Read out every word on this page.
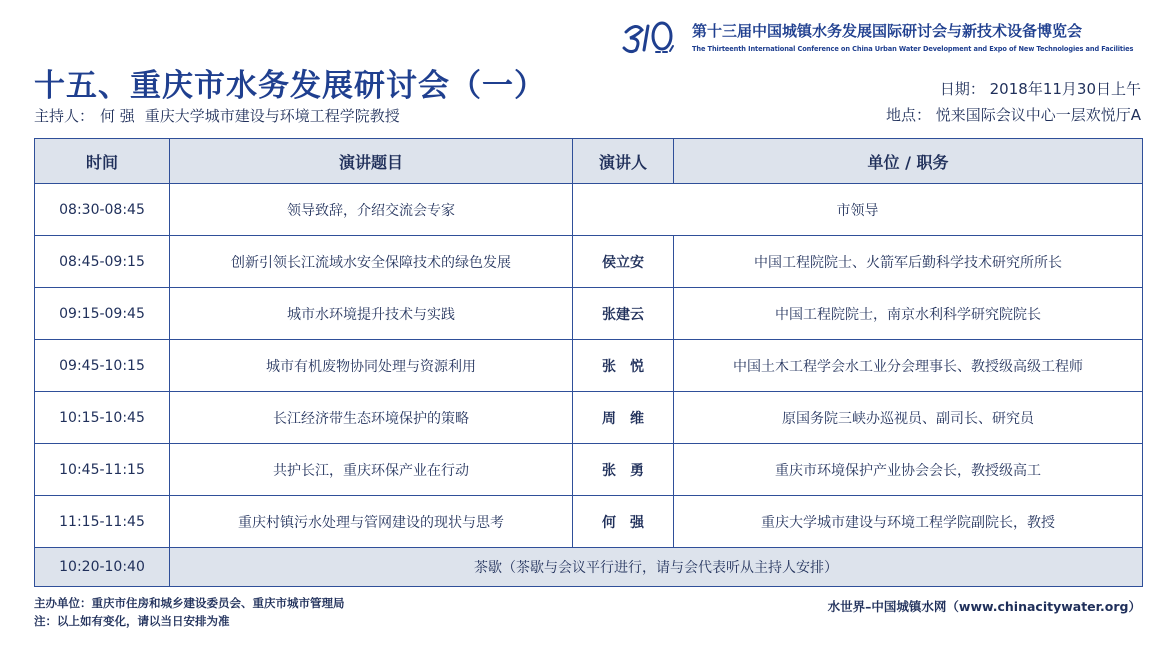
第十三届中国城镇水务发展国际研讨会与新技术设备博览会
The Thirteenth International Conference on China Urban Water Development and Expo of New Technologies and Facilities
十五、重庆市水务发展研讨会（一）
主持人： 何 强 重庆大学城市建设与环境工程学院教授
日期： 2018年11月30日上午
地点： 悦来国际会议中心一层欢悦厅A
时间	演讲题目	演讲人	单位 / 职务
08:30-08:45	领导致辞，介绍交流会专家	市领导	
08:45-09:15	创新引领长江流域水安全保障技术的绿色发展	侯立安	中国工程院院士、火箭军后勤科学技术研究所所长
09:15-09:45	城市水环境提升技术与实践	张建云	中国工程院院士，南京水利科学研究院院长
09:45-10:15	城市有机废物协同处理与资源利用	张　悦	中国土木工程学会水工业分会理事长、教授级高级工程师
10:15-10:45	长江经济带生态环境保护的策略	周　维	原国务院三峡办巡视员、副司长、研究员
10:45-11:15	共护长江，重庆环保产业在行动	张　勇	重庆市环境保护产业协会会长，教授级高工
11:15-11:45	重庆村镇污水处理与管网建设的现状与思考	何　强	重庆大学城市建设与环境工程学院副院长，教授
10:20-10:40	茶歇（茶歇与会议平行进行，请与会代表听从主持人安排）		
主办单位：重庆市住房和城乡建设委员会、重庆市城市管理局
注：以上如有变化，请以当日安排为准
水世界–中国城镇水网（www.chinacitywater.org）
